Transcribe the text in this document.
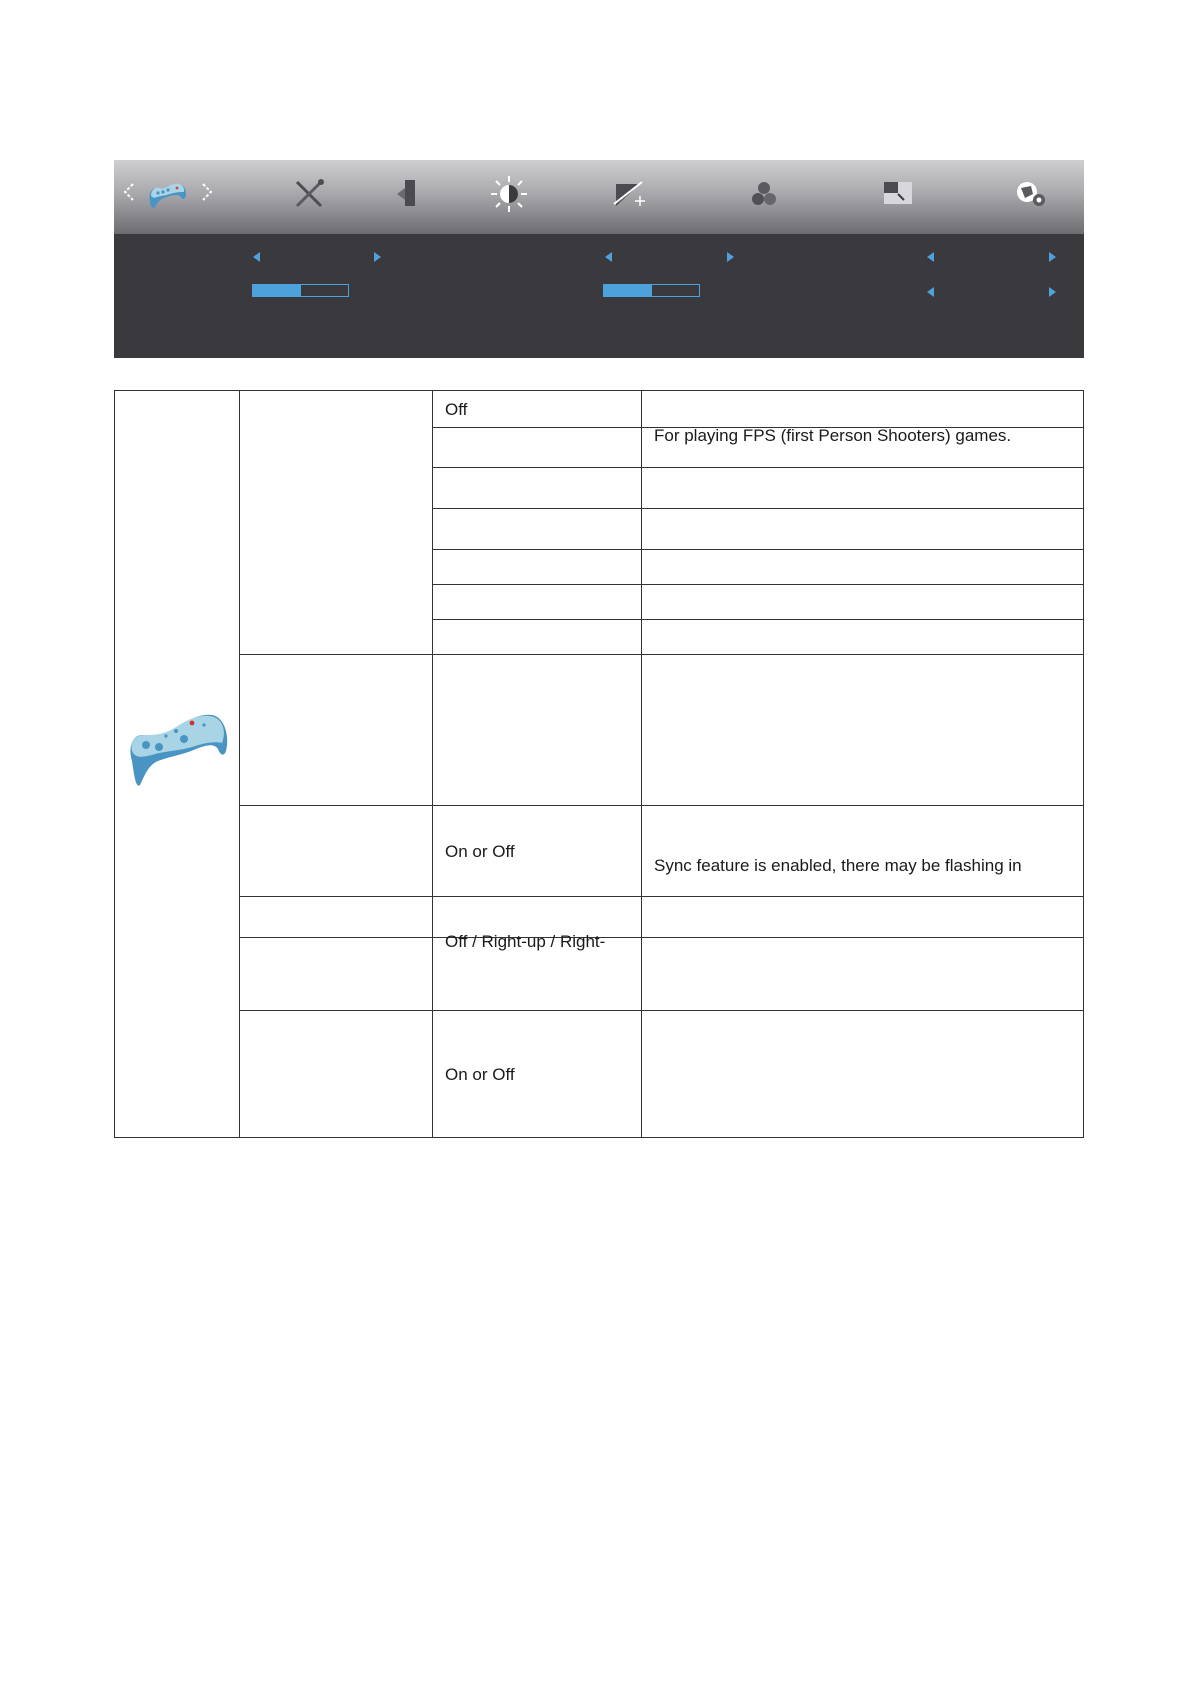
Off
For playing FPS (first Person Shooters) games.
On or Off
Sync feature is enabled, there may be flashing in
Off / Right-up / Right-
On or Off
